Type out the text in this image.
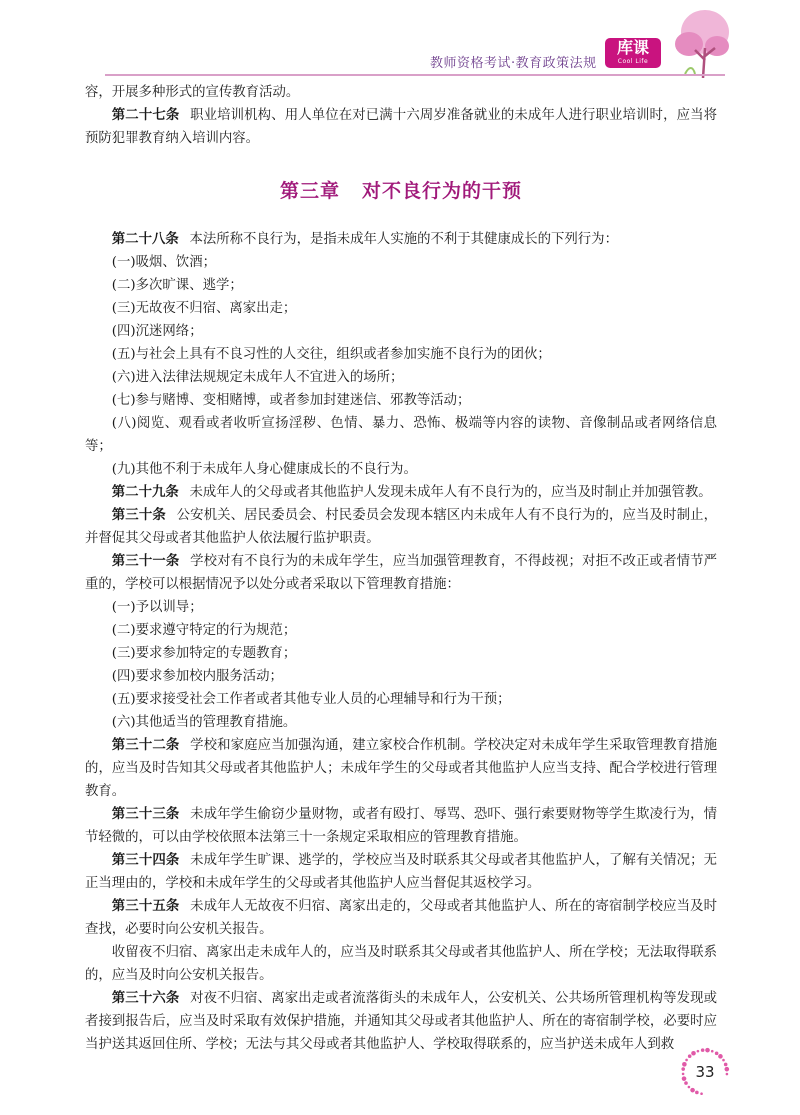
教师资格考试·教育政策法规
库课
Cool Life

容，开展多种形式的宣传教育活动。

第二十七条 职业培训机构、用人单位在对已满十六周岁准备就业的未成年人进行职业培训时，应当将预防犯罪教育纳入培训内容。

第三章 对不良行为的干预

第二十八条 本法所称不良行为，是指未成年人实施的不利于其健康成长的下列行为：

(一)吸烟、饮酒；

(二)多次旷课、逃学；

(三)无故夜不归宿、离家出走；

(四)沉迷网络；

(五)与社会上具有不良习性的人交往，组织或者参加实施不良行为的团伙；

(六)进入法律法规规定未成年人不宜进入的场所；

(七)参与赌博、变相赌博，或者参加封建迷信、邪教等活动；

(八)阅览、观看或者收听宣扬淫秽、色情、暴力、恐怖、极端等内容的读物、音像制品或者网络信息等；

(九)其他不利于未成年人身心健康成长的不良行为。

第二十九条 未成年人的父母或者其他监护人发现未成年人有不良行为的，应当及时制止并加强管教。

第三十条 公安机关、居民委员会、村民委员会发现本辖区内未成年人有不良行为的，应当及时制止，并督促其父母或者其他监护人依法履行监护职责。

第三十一条 学校对有不良行为的未成年学生，应当加强管理教育，不得歧视；对拒不改正或者情节严重的，学校可以根据情况予以处分或者采取以下管理教育措施：

(一)予以训导；

(二)要求遵守特定的行为规范；

(三)要求参加特定的专题教育；

(四)要求参加校内服务活动；

(五)要求接受社会工作者或者其他专业人员的心理辅导和行为干预；

(六)其他适当的管理教育措施。

第三十二条 学校和家庭应当加强沟通，建立家校合作机制。学校决定对未成年学生采取管理教育措施的，应当及时告知其父母或者其他监护人；未成年学生的父母或者其他监护人应当支持、配合学校进行管理教育。

第三十三条 未成年学生偷窃少量财物，或者有殴打、辱骂、恐吓、强行索要财物等学生欺凌行为，情节轻微的，可以由学校依照本法第三十一条规定采取相应的管理教育措施。

第三十四条 未成年学生旷课、逃学的，学校应当及时联系其父母或者其他监护人，了解有关情况；无正当理由的，学校和未成年学生的父母或者其他监护人应当督促其返校学习。

第三十五条 未成年人无故夜不归宿、离家出走的，父母或者其他监护人、所在的寄宿制学校应当及时查找，必要时向公安机关报告。

收留夜不归宿、离家出走未成年人的，应当及时联系其父母或者其他监护人、所在学校；无法取得联系的，应当及时向公安机关报告。

第三十六条 对夜不归宿、离家出走或者流落街头的未成年人，公安机关、公共场所管理机构等发现或者接到报告后，应当及时采取有效保护措施，并通知其父母或者其他监护人、所在的寄宿制学校，必要时应当护送其返回住所、学校；无法与其父母或者其他监护人、学校取得联系的，应当护送未成年人到救

33
